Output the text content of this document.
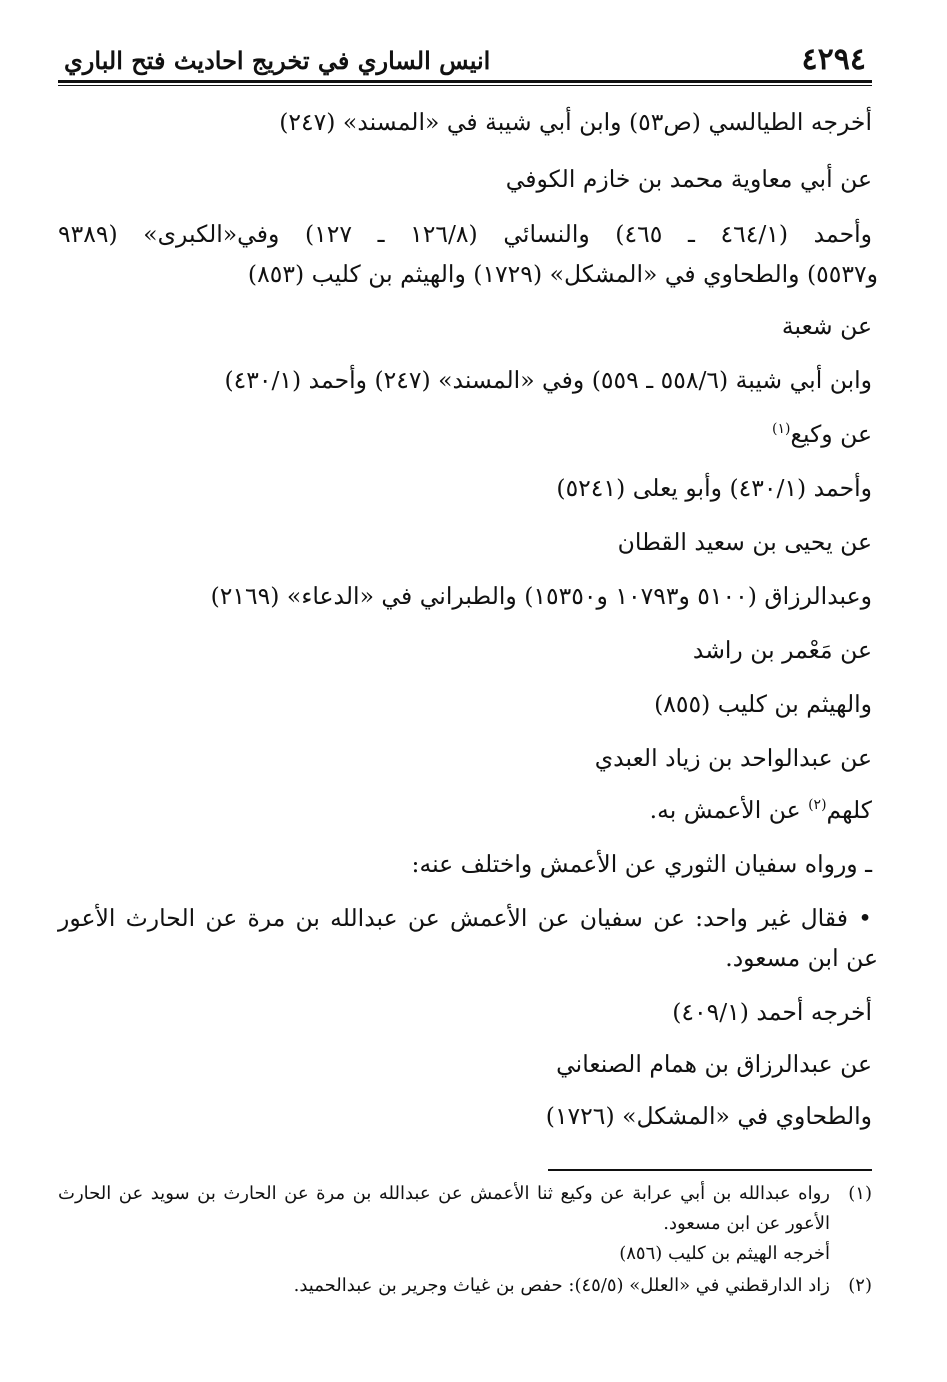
٤٢٩٤
انيس الساري في تخريج احاديث فتح الباري
أخرجه الطيالسي (ص٥٣) وابن أبي شيبة في «المسند» (٢٤٧)
عن أبي معاوية محمد بن خازم الكوفي
وأحمد (٤٦٤/١ ـ ٤٦٥) والنسائي (١٢٦/٨ ـ ١٢٧) وفي«الكبرى» (٩٣٨٩
و٥٥٣٧) والطحاوي في «المشكل» (١٧٢٩) والهيثم بن كليب (٨٥٣)
عن شعبة
وابن أبي شيبة (٥٥٨/٦ ـ ٥٥٩) وفي «المسند» (٢٤٧) وأحمد (٤٣٠/١)
عن وكيع$^{(١)}$
وأحمد (٤٣٠/١) وأبو يعلى (٥٢٤١)
عن يحيى بن سعيد القطان
وعبدالرزاق (٥١٠٠ و١٠٧٩٣ و١٥٣٥٠) والطبراني في «الدعاء» (٢١٦٩)
عن مَعْمر بن راشد
والهيثم بن كليب (٨٥٥)
عن عبدالواحد بن زياد العبدي
كلهم$^{(٢)}$ عن الأعمش به.
ـ ورواه سفيان الثوري عن الأعمش واختلف عنه:
• فقال غير واحد: عن سفيان عن الأعمش عن عبدالله بن مرة عن الحارث الأعور
عن ابن مسعود.
أخرجه أحمد (٤٠٩/١)
عن عبدالرزاق بن همام الصنعاني
والطحاوي في «المشكل» (١٧٢٦)
(١)
رواه عبدالله بن أبي عرابة عن وكيع ثنا الأعمش عن عبدالله بن مرة عن الحارث بن سويد عن الحارث
الأعور عن ابن مسعود.
أخرجه الهيثم بن كليب (٨٥٦)
(٢)
زاد الدارقطني في «العلل» (٤٥/٥): حفص بن غياث وجرير بن عبدالحميد.
